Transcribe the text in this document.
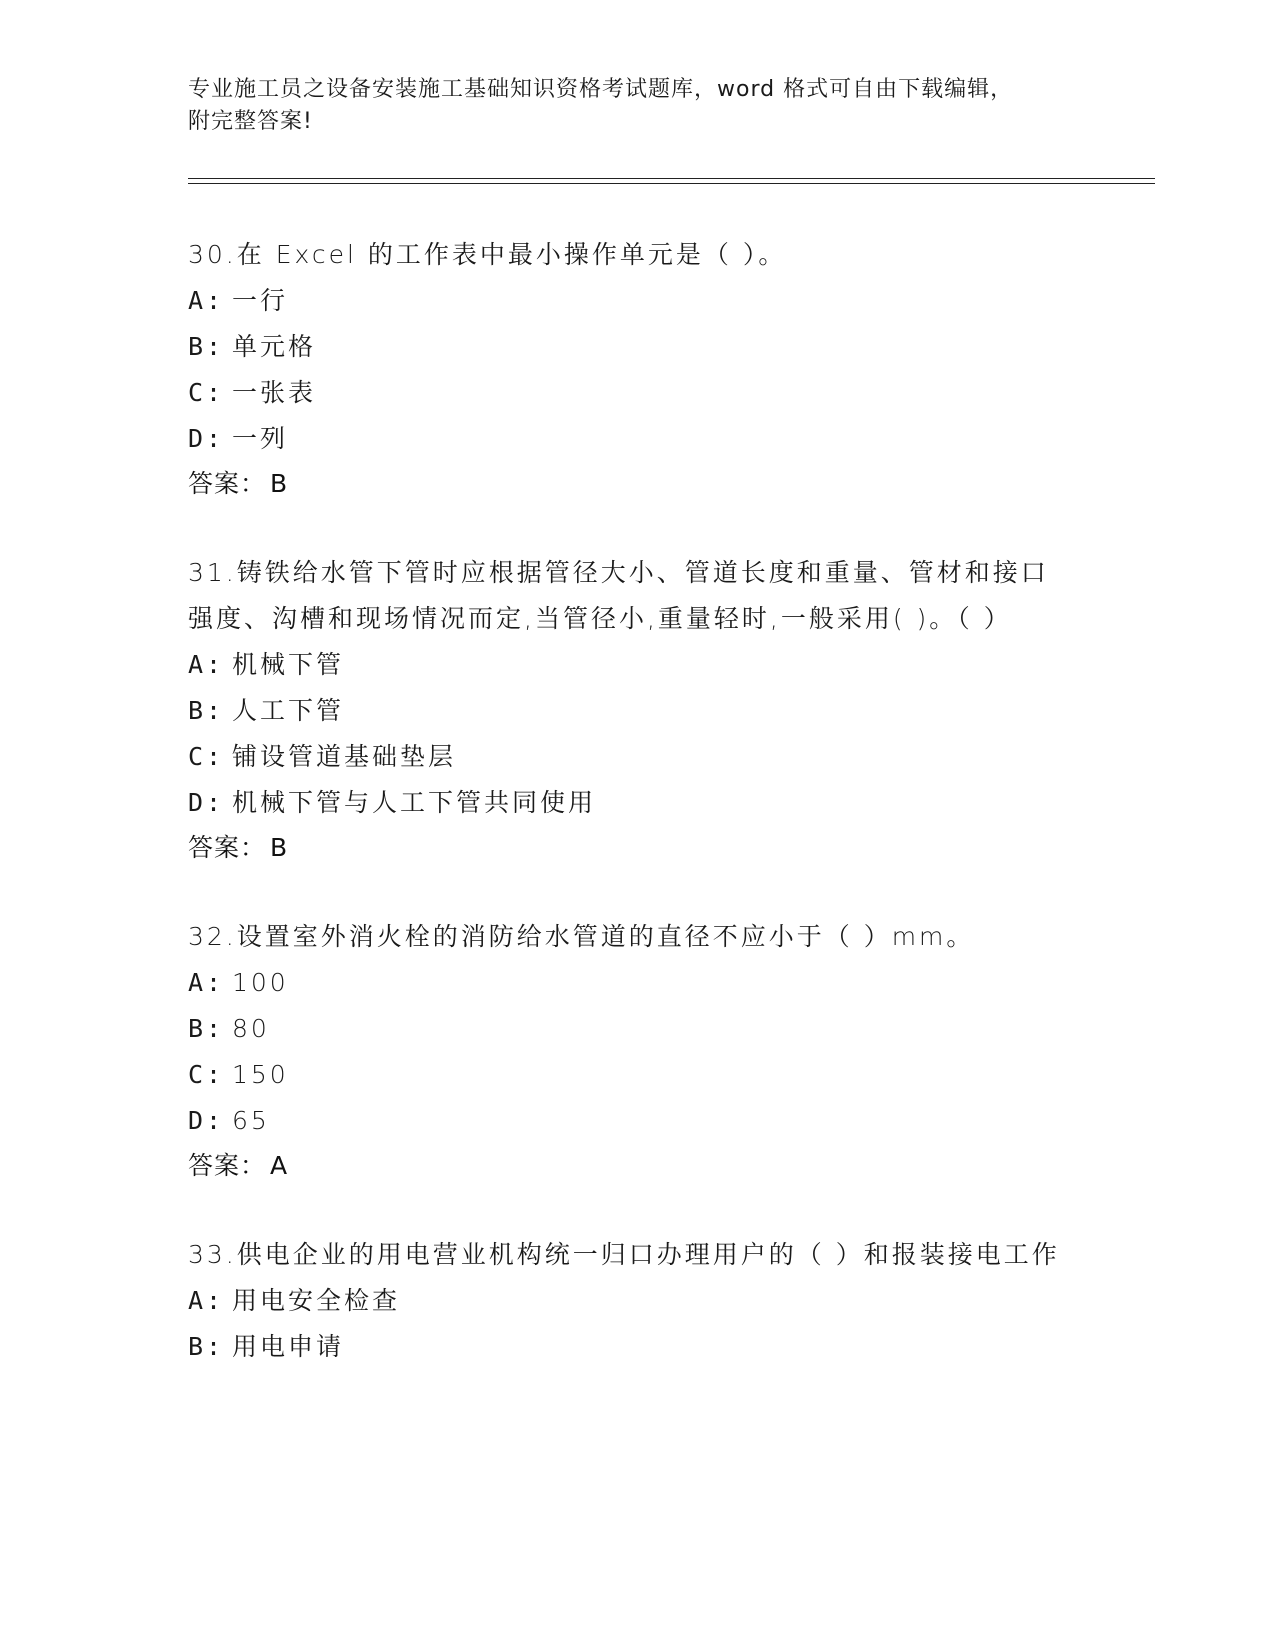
专业施工员之设备安装施工基础知识资格考试题库，word 格式可自由下载编辑，
附完整答案!
30.在 Excel 的工作表中最小操作单元是（ ）。
A: 一行
B: 单元格
C: 一张表
D: 一列
答案： B
31.铸铁给水管下管时应根据管径大小、管道长度和重量、管材和接口强度、沟槽和现场情况而定,当管径小,重量轻时,一般采用( )。（ ）
A: 机械下管
B: 人工下管
C: 铺设管道基础垫层
D: 机械下管与人工下管共同使用
答案： B
32.设置室外消火栓的消防给水管道的直径不应小于（ ）mm。
A: 100
B: 80
C: 150
D: 65
答案： A
33.供电企业的用电营业机构统一归口办理用户的（ ）和报装接电工作
A: 用电安全检查
B: 用电申请
